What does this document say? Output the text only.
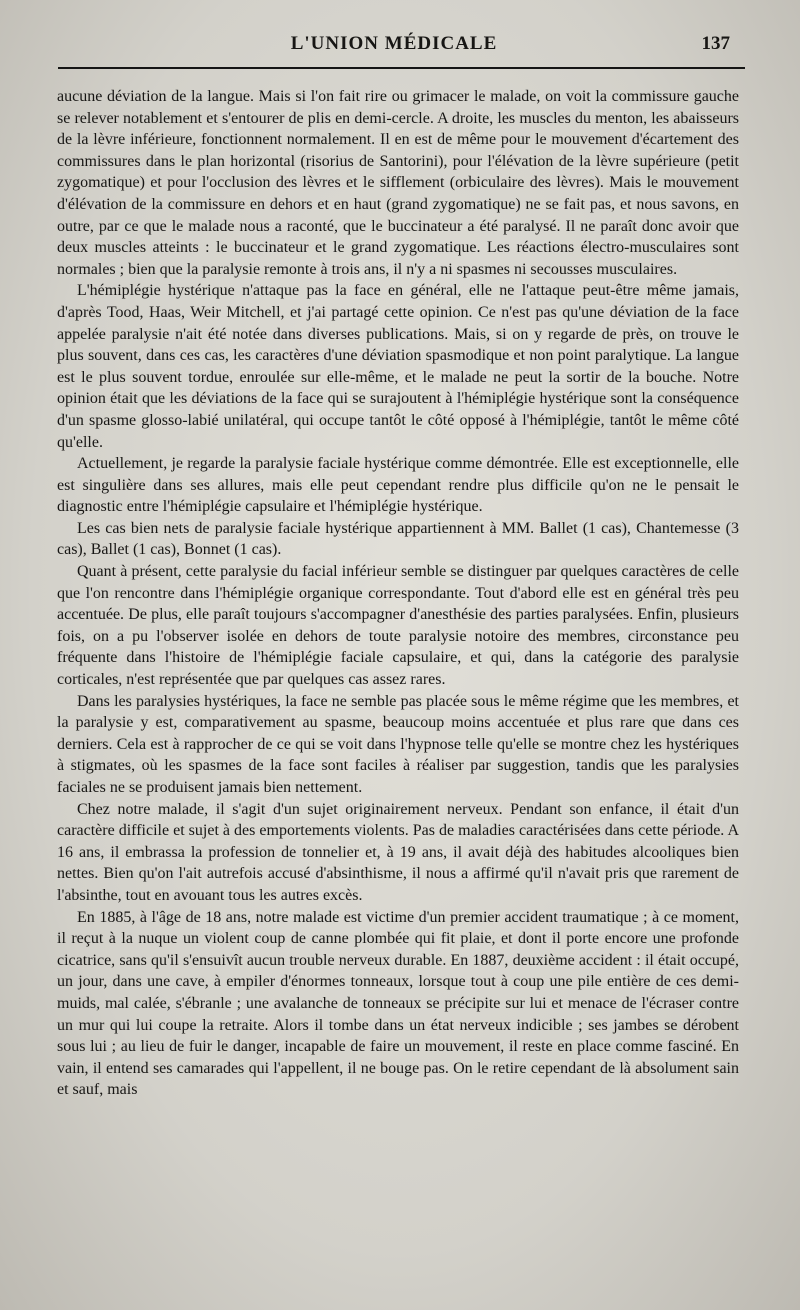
L'UNION MÉDICALE	137

aucune déviation de la langue. Mais si l'on fait rire ou grimacer le malade, on voit la commissure gauche se relever notablement et s'entourer de plis en demi-cercle. A droite, les muscles du menton, les abaisseurs de la lèvre inférieure, fonctionnent normalement. Il en est de même pour le mouvement d'écartement des commissures dans le plan horizontal (risorius de Santorini), pour l'élévation de la lèvre supérieure (petit zygomatique) et pour l'occlusion des lèvres et le sifflement (orbiculaire des lèvres). Mais le mouvement d'élévation de la commissure en dehors et en haut (grand zygomatique) ne se fait pas, et nous savons, en outre, par ce que le malade nous a raconté, que le buccinateur a été paralysé. Il ne paraît donc avoir que deux muscles atteints : le buccinateur et le grand zygomatique. Les réactions électro-musculaires sont normales ; bien que la paralysie remonte à trois ans, il n'y a ni spasmes ni secousses musculaires.

L'hémiplégie hystérique n'attaque pas la face en général, elle ne l'attaque peut-être même jamais, d'après Tood, Haas, Weir Mitchell, et j'ai partagé cette opinion. Ce n'est pas qu'une déviation de la face appelée paralysie n'ait été notée dans diverses publications. Mais, si on y regarde de près, on trouve le plus souvent, dans ces cas, les caractères d'une déviation spasmodique et non point paralytique. La langue est le plus souvent tordue, enroulée sur elle-même, et le malade ne peut la sortir de la bouche. Notre opinion était que les déviations de la face qui se surajoutent à l'hémiplégie hystérique sont la conséquence d'un spasme glosso-labié unilatéral, qui occupe tantôt le côté opposé à l'hémiplégie, tantôt le même côté qu'elle.

Actuellement, je regarde la paralysie faciale hystérique comme démontrée. Elle est exceptionnelle, elle est singulière dans ses allures, mais elle peut cependant rendre plus difficile qu'on ne le pensait le diagnostic entre l'hémiplégie capsulaire et l'hémiplégie hystérique.

Les cas bien nets de paralysie faciale hystérique appartiennent à MM. Ballet (1 cas), Chantemesse (3 cas), Ballet (1 cas), Bonnet (1 cas).

Quant à présent, cette paralysie du facial inférieur semble se distinguer par quelques caractères de celle que l'on rencontre dans l'hémiplégie organique correspondante. Tout d'abord elle est en général très peu accentuée. De plus, elle paraît toujours s'accompagner d'anesthésie des parties paralysées. Enfin, plusieurs fois, on a pu l'observer isolée en dehors de toute paralysie notoire des membres, circonstance peu fréquente dans l'histoire de l'hémiplégie faciale capsulaire, et qui, dans la catégorie des paralysie corticales, n'est représentée que par quelques cas assez rares.

Dans les paralysies hystériques, la face ne semble pas placée sous le même régime que les membres, et la paralysie y est, comparativement au spasme, beaucoup moins accentuée et plus rare que dans ces derniers. Cela est à rapprocher de ce qui se voit dans l'hypnose telle qu'elle se montre chez les hystériques à stigmates, où les spasmes de la face sont faciles à réaliser par suggestion, tandis que les paralysies faciales ne se produisent jamais bien nettement.

Chez notre malade, il s'agit d'un sujet originairement nerveux. Pendant son enfance, il était d'un caractère difficile et sujet à des emportements violents. Pas de maladies caractérisées dans cette période. A 16 ans, il embrassa la profession de tonnelier et, à 19 ans, il avait déjà des habitudes alcooliques bien nettes. Bien qu'on l'ait autrefois accusé d'absinthisme, il nous a affirmé qu'il n'avait pris que rarement de l'absinthe, tout en avouant tous les autres excès.

En 1885, à l'âge de 18 ans, notre malade est victime d'un premier accident traumatique ; à ce moment, il reçut à la nuque un violent coup de canne plombée qui fit plaie, et dont il porte encore une profonde cicatrice, sans qu'il s'ensuivît aucun trouble nerveux durable. En 1887, deuxième accident : il était occupé, un jour, dans une cave, à empiler d'énormes tonneaux, lorsque tout à coup une pile entière de ces demi-muids, mal calée, s'ébranle ; une avalanche de tonneaux se précipite sur lui et menace de l'écraser contre un mur qui lui coupe la retraite. Alors il tombe dans un état nerveux indicible ; ses jambes se dérobent sous lui ; au lieu de fuir le danger, incapable de faire un mouvement, il reste en place comme fasciné. En vain, il entend ses camarades qui l'appellent, il ne bouge pas. On le retire cependant de là absolument sain et sauf, mais
